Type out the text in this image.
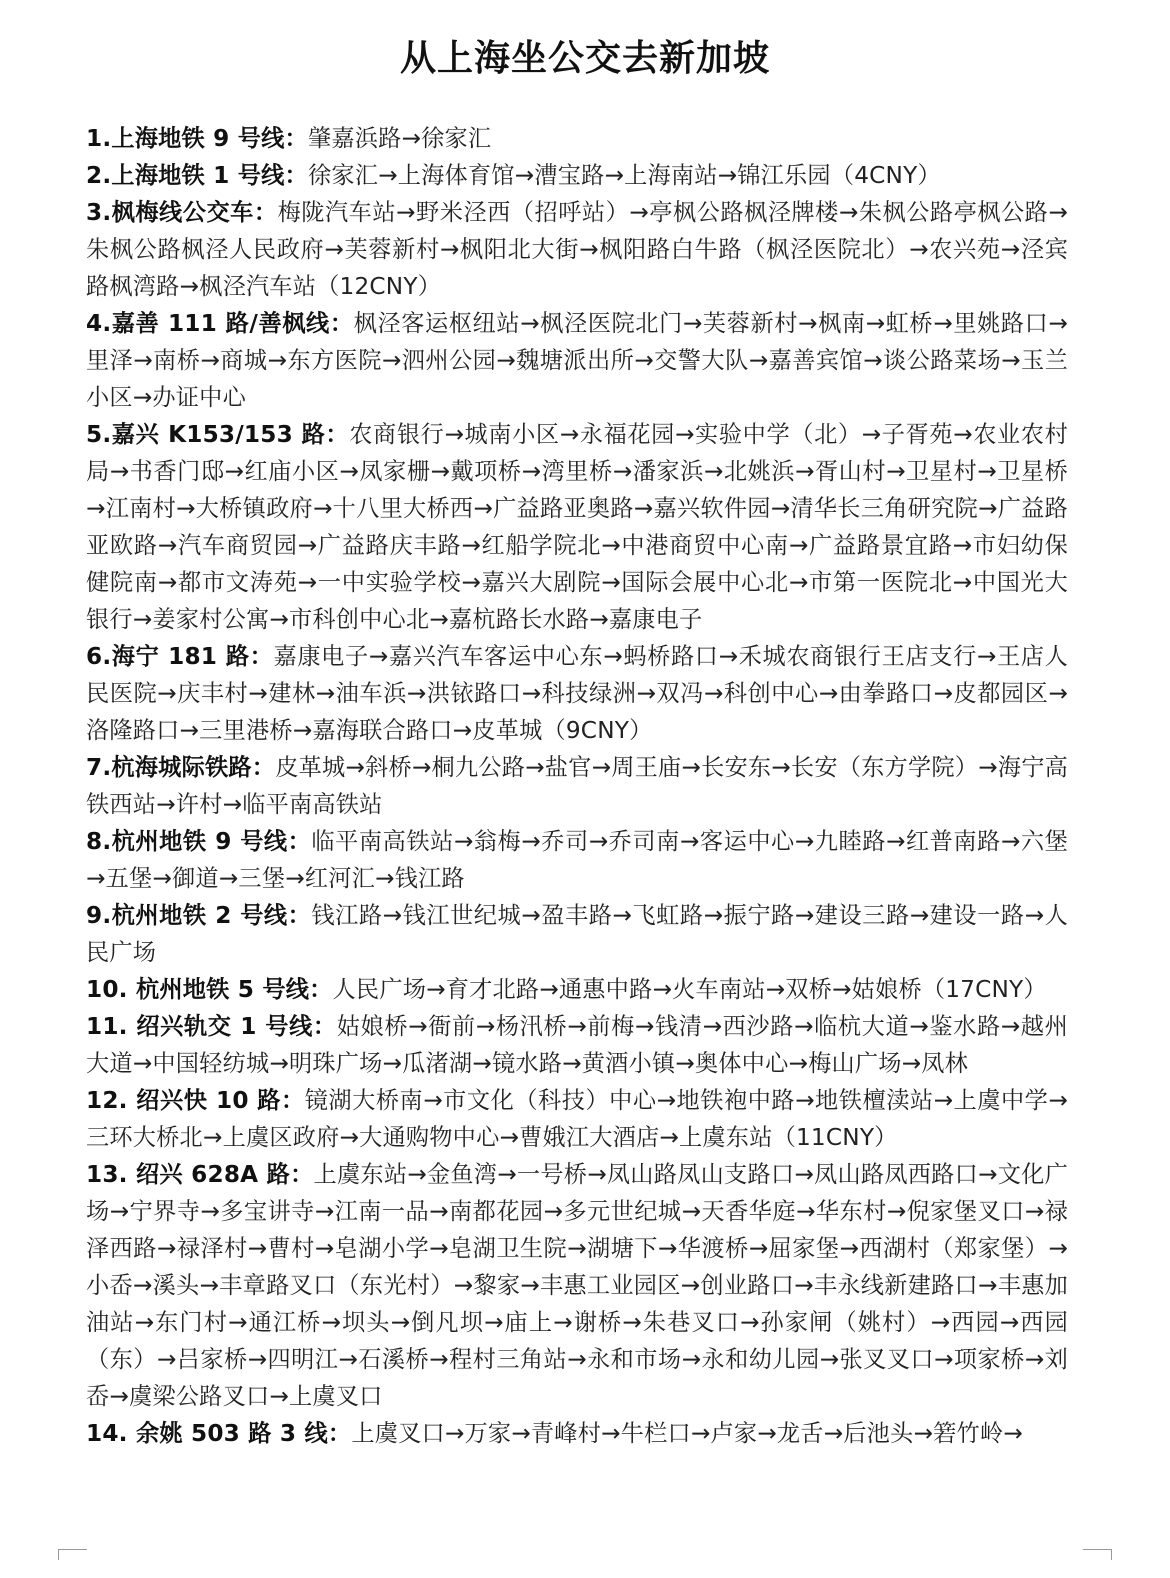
从上海坐公交去新加坡
1.上海地铁 9 号线：肇嘉浜路→徐家汇
2.上海地铁 1 号线：徐家汇→上海体育馆→漕宝路→上海南站→锦江乐园（4CNY）
3.枫梅线公交车：梅陇汽车站→野米泾西（招呼站）→亭枫公路枫泾牌楼→朱枫公路亭枫公路→朱枫公路枫泾人民政府→芙蓉新村→枫阳北大街→枫阳路白牛路（枫泾医院北）→农兴苑→泾宾路枫湾路→枫泾汽车站（12CNY）
4.嘉善 111 路/善枫线：枫泾客运枢纽站→枫泾医院北门→芙蓉新村→枫南→虹桥→里姚路口→里泽→南桥→商城→东方医院→泗州公园→魏塘派出所→交警大队→嘉善宾馆→谈公路菜场→玉兰小区→办证中心
5.嘉兴 K153/153 路：农商银行→城南小区→永福花园→实验中学（北）→子胥苑→农业农村局→书香门邸→红庙小区→凤家栅→戴项桥→湾里桥→潘家浜→北姚浜→胥山村→卫星村→卫星桥→江南村→大桥镇政府→十八里大桥西→广益路亚奥路→嘉兴软件园→清华长三角研究院→广益路亚欧路→汽车商贸园→广益路庆丰路→红船学院北→中港商贸中心南→广益路景宜路→市妇幼保健院南→都市文涛苑→一中实验学校→嘉兴大剧院→国际会展中心北→市第一医院北→中国光大银行→姜家村公寓→市科创中心北→嘉杭路长水路→嘉康电子
6.海宁 181 路：嘉康电子→嘉兴汽车客运中心东→蚂桥路口→禾城农商银行王店支行→王店人民医院→庆丰村→建林→油车浜→洪铱路口→科技绿洲→双冯→科创中心→由拳路口→皮都园区→洛隆路口→三里港桥→嘉海联合路口→皮革城（9CNY）
7.杭海城际铁路：皮革城→斜桥→桐九公路→盐官→周王庙→长安东→长安（东方学院）→海宁高铁西站→许村→临平南高铁站
8.杭州地铁 9 号线：临平南高铁站→翁梅→乔司→乔司南→客运中心→九睦路→红普南路→六堡→五堡→御道→三堡→红河汇→钱江路
9.杭州地铁 2 号线：钱江路→钱江世纪城→盈丰路→飞虹路→振宁路→建设三路→建设一路→人民广场
10. 杭州地铁 5 号线：人民广场→育才北路→通惠中路→火车南站→双桥→姑娘桥（17CNY）
11. 绍兴轨交 1 号线：姑娘桥→衙前→杨汛桥→前梅→钱清→西沙路→临杭大道→鉴水路→越州大道→中国轻纺城→明珠广场→瓜渚湖→镜水路→黄酒小镇→奥体中心→梅山广场→凤林
12. 绍兴快 10 路：镜湖大桥南→市文化（科技）中心→地铁袍中路→地铁檀渎站→上虞中学→三环大桥北→上虞区政府→大通购物中心→曹娥江大酒店→上虞东站（11CNY）
13. 绍兴 628A 路：上虞东站→金鱼湾→一号桥→凤山路凤山支路口→凤山路凤西路口→文化广场→宁界寺→多宝讲寺→江南一品→南都花园→多元世纪城→天香华庭→华东村→倪家堡叉口→禄泽西路→禄泽村→曹村→皂湖小学→皂湖卫生院→湖塘下→华渡桥→屈家堡→西湖村（郑家堡）→小岙→溪头→丰章路叉口（东光村）→黎家→丰惠工业园区→创业路口→丰永线新建路口→丰惠加油站→东门村→通江桥→坝头→倒凡坝→庙上→谢桥→朱巷叉口→孙家闸（姚村）→西园→西园（东）→吕家桥→四明江→石溪桥→程村三角站→永和市场→永和幼儿园→张叉叉口→项家桥→刘岙→虞梁公路叉口→上虞叉口
14. 余姚 503 路 3 线：上虞叉口→万家→青峰村→牛栏口→卢家→龙舌→后池头→箬竹岭→
